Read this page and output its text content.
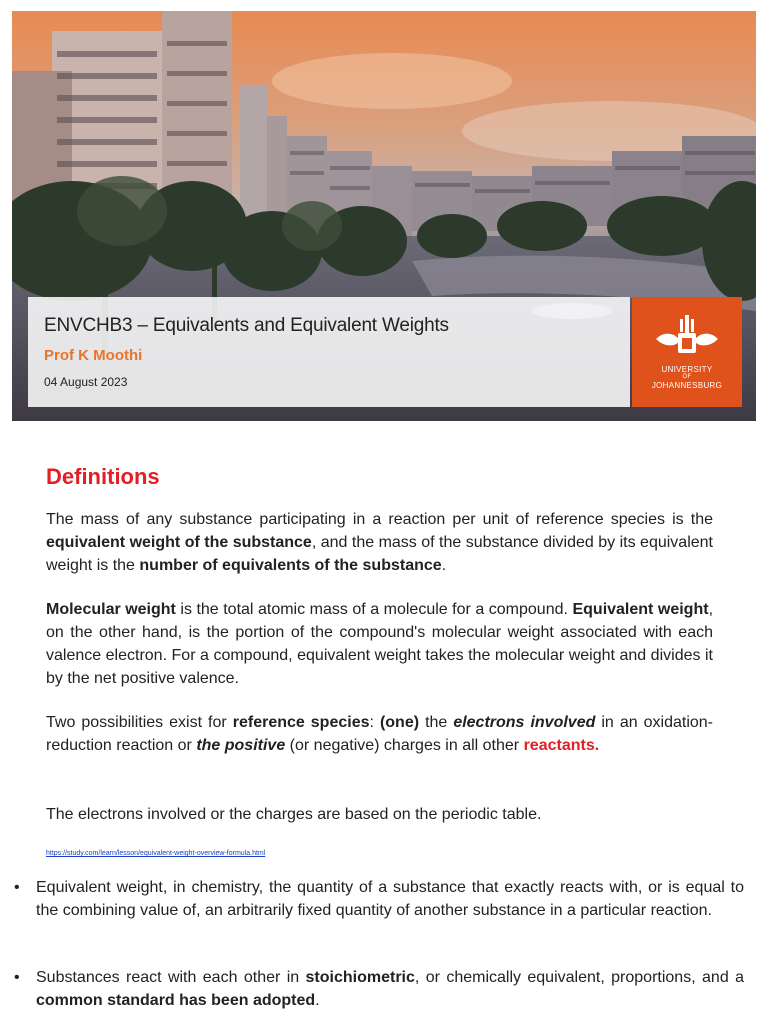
ENVCHB3 – Equivalents and Equivalent Weights
Prof K Moothi
04 August 2023
UNIVERSITY
OF
JOHANNESBURG
Definitions
The mass of any substance participating in a reaction per unit of reference species is the equivalent weight of the substance, and the mass of the substance divided by its equivalent weight is the number of equivalents of the substance.
Molecular weight is the total atomic mass of a molecule for a compound. Equivalent weight, on the other hand, is the portion of the compound's molecular weight associated with each valence electron. For a compound, equivalent weight takes the molecular weight and divides it by the net positive valence.
Two possibilities exist for reference species: (one) the electrons involved in an oxidation-reduction reaction or the positive (or negative) charges in all other reactants.
The electrons involved or the charges are based on the periodic table.
https://study.com/learn/lesson/equivalent-weight-overview-formula.html
• Equivalent weight, in chemistry, the quantity of a substance that exactly reacts with, or is equal to the combining value of, an arbitrarily fixed quantity of another substance in a particular reaction.
• Substances react with each other in stoichiometric, or chemically equivalent, proportions, and a common standard has been adopted.
